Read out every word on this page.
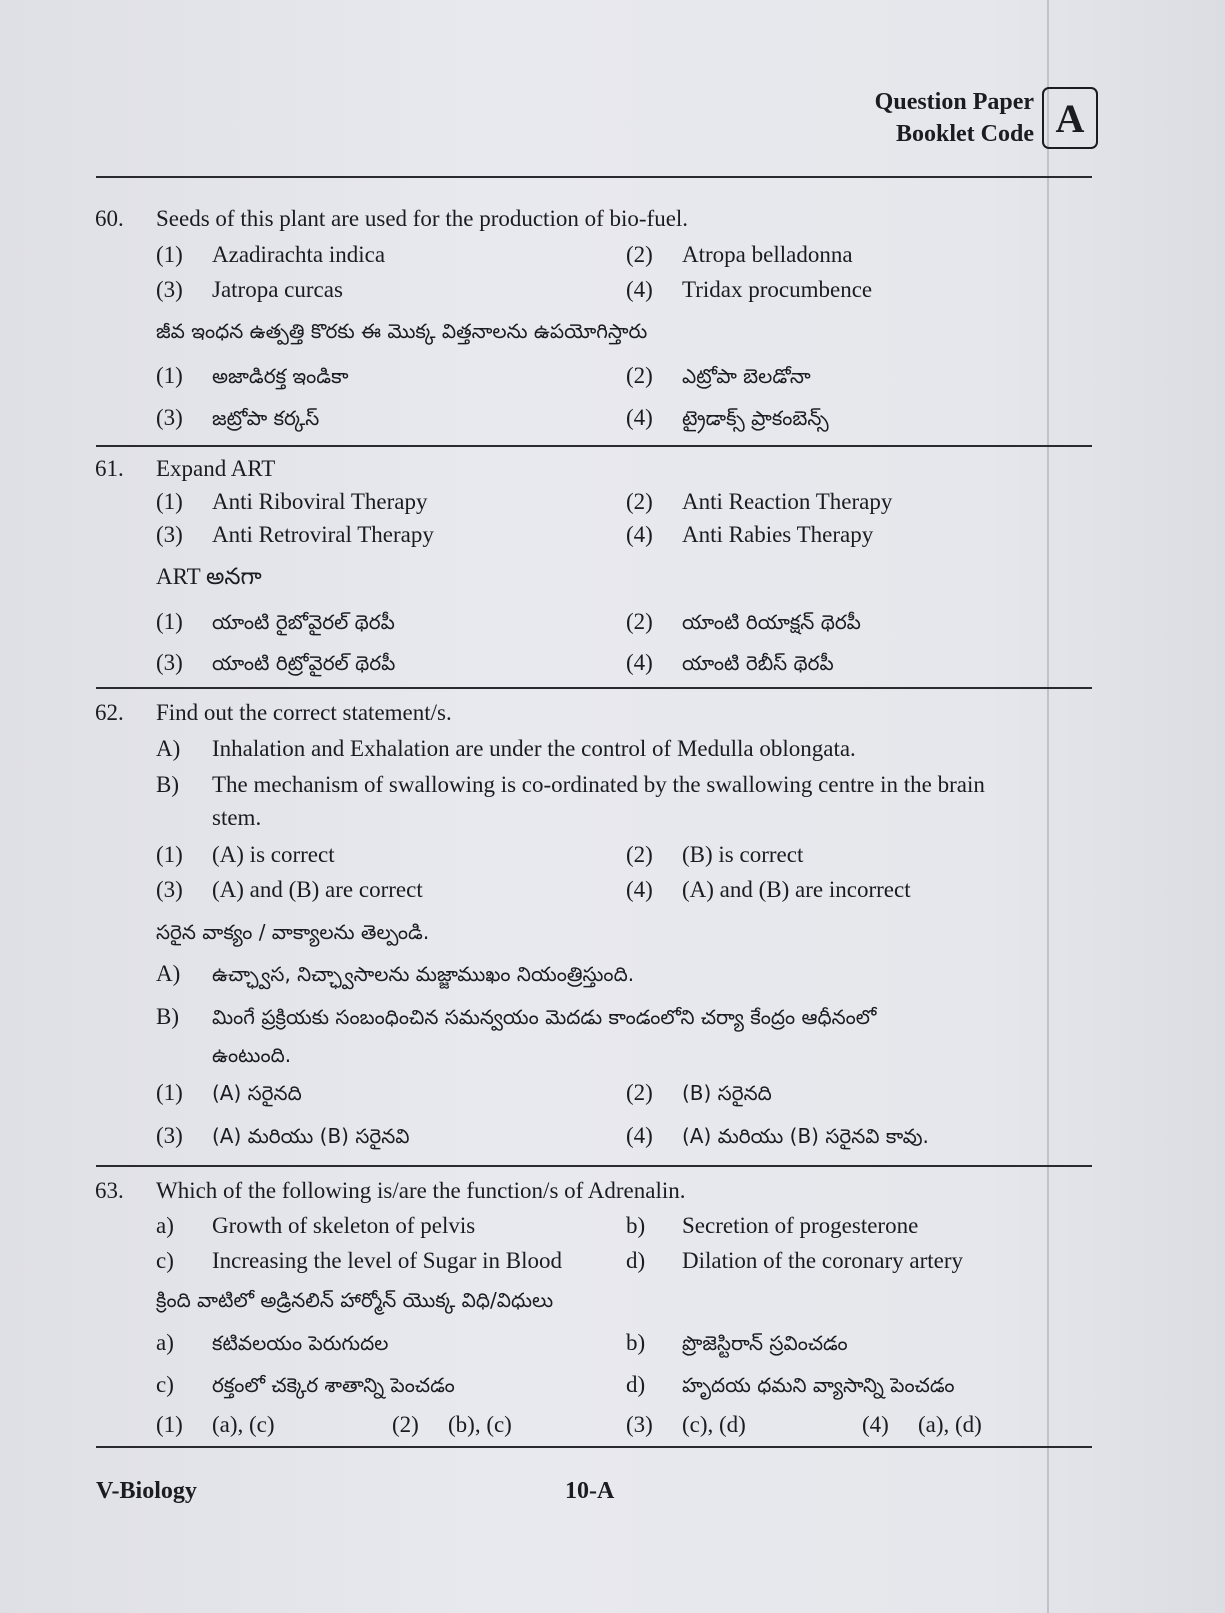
Question Paper
Booklet Code A
60. Seeds of this plant are used for the production of bio-fuel.
(1) Azadirachta indica	(2) Atropa belladonna
(3) Jatropa curcas	(4) Tridax procumbence
జీవ ఇంధన ఉత్పత్తి కొరకు ఈ మొక్క విత్తనాలను ఉపయోగిస్తారు
(1) అజాడిరక్త ఇండికా	(2) ఎట్రోపా బెలడోనా
(3) జట్రోపా కర్కస్	(4) ట్రైడాక్స్ ప్రాకంబెన్స్
61. Expand ART
(1) Anti Riboviral Therapy	(2) Anti Reaction Therapy
(3) Anti Retroviral Therapy	(4) Anti Rabies Therapy
ART అనగా
(1) యాంటి రైబోవైరల్ థెరపీ	(2) యాంటి రియాక్షన్ థెరపీ
(3) యాంటి రిట్రోవైరల్ థెరపీ	(4) యాంటి రెబీస్ థెరపీ
62. Find out the correct statement/s.
A) Inhalation and Exhalation are under the control of Medulla oblongata.
B) The mechanism of swallowing is co-ordinated by the swallowing centre in the brain
stem.
(1) (A) is correct	(2) (B) is correct
(3) (A) and (B) are correct	(4) (A) and (B) are incorrect
సరైన వాక్యం / వాక్యాలను తెల్పండి.
A) ఉచ్ఛ్వాస, నిచ్ఛ్వాసాలను మజ్జాముఖం నియంత్రిస్తుంది.
B) మింగే ప్రక్రియకు సంబంధించిన సమన్వయం మెదడు కాండంలోని చర్యా కేంద్రం ఆధీనంలో
ఉంటుంది.
(1) (A) సరైనది	(2) (B) సరైనది
(3) (A) మరియు (B) సరైనవి	(4) (A) మరియు (B) సరైనవి కావు.
63. Which of the following is/are the function/s of Adrenalin.
a) Growth of skeleton of pelvis	b) Secretion of progesterone
c) Increasing the level of Sugar in Blood	d) Dilation of the coronary artery
క్రింది వాటిలో అడ్రినలిన్ హార్మోన్ యొక్క విధి/విధులు
a) కటివలయం పెరుగుదల	b) ప్రొజెస్టిరాన్ స్రవించడం
c) రక్తంలో చక్కెర శాతాన్ని పెంచడం	d) హృదయ ధమని వ్యాసాన్ని పెంచడం
(1) (a), (c)	(2) (b), (c)	(3) (c), (d)	(4) (a), (d)
V-Biology	10-A
